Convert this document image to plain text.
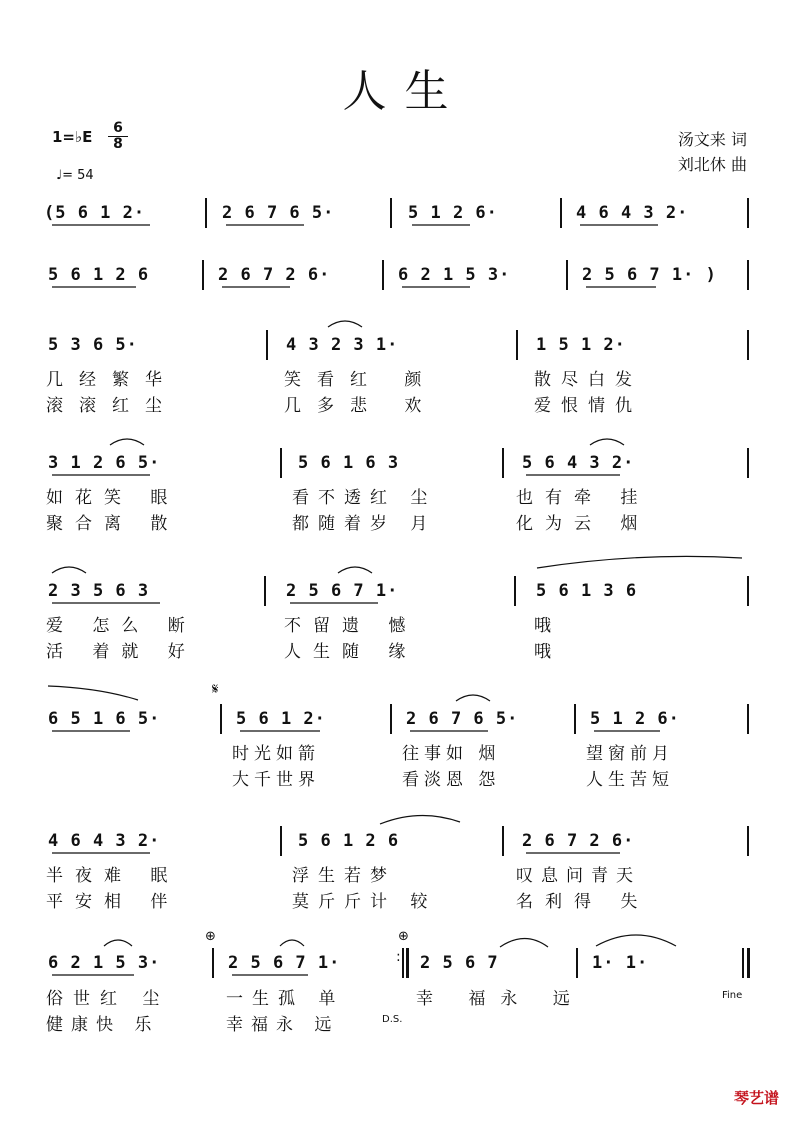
人 生
1=♭E $\frac{6}{8}$
♩= 54
汤文来 词
刘北休 曲
(5 6 1 2·	2 6 7 6 5·	5 1 2 6·	4 6 4 3 2·
5 6 1 2 6	2 6 7 2 6·	6 2 1 5 3·	2 5 6 7 1· )
5 3 6 5·	4 3 2 3 1·	1 5 1 2·
几经繁华	笑看红 颜	散尽白发
滚滚红尘	几多悲 欢	爱恨情仇
3 1 2 6 5·	5 6 1 6 3	5 6 4 3 2·
如花笑 眼	看不透红 尘	也有牵 挂
聚合离 散	都随着岁 月	化为云 烟
2 3 5 6 3	2 5 6 7 1·	5 6 1 3 6
爱 怎么 断	不留遗 憾	哦
活 着就 好	人生随 缘	哦
𝄋
6 5 1 6 5·	5 6 1 2·	2 6 7 6 5·	5 1 2 6·
时光如箭	往事如 烟	望窗前月
大千世界	看淡恩 怨	人生苦短
4 6 4 3 2·	5 6 1 2 6	2 6 7 2 6·
半夜难 眠	浮生若梦	叹息问青天
平安相 伴	莫斤斤计 较	名利得 失
⊕	⊕
6 2 1 5 3·	2 5 6 7 1·	2 5 6 7	1· 1·
:
俗世红 尘	一生孤 单	幸 福永 远
健康快 乐	幸福永 远
Fine
D.S.
琴艺谱
